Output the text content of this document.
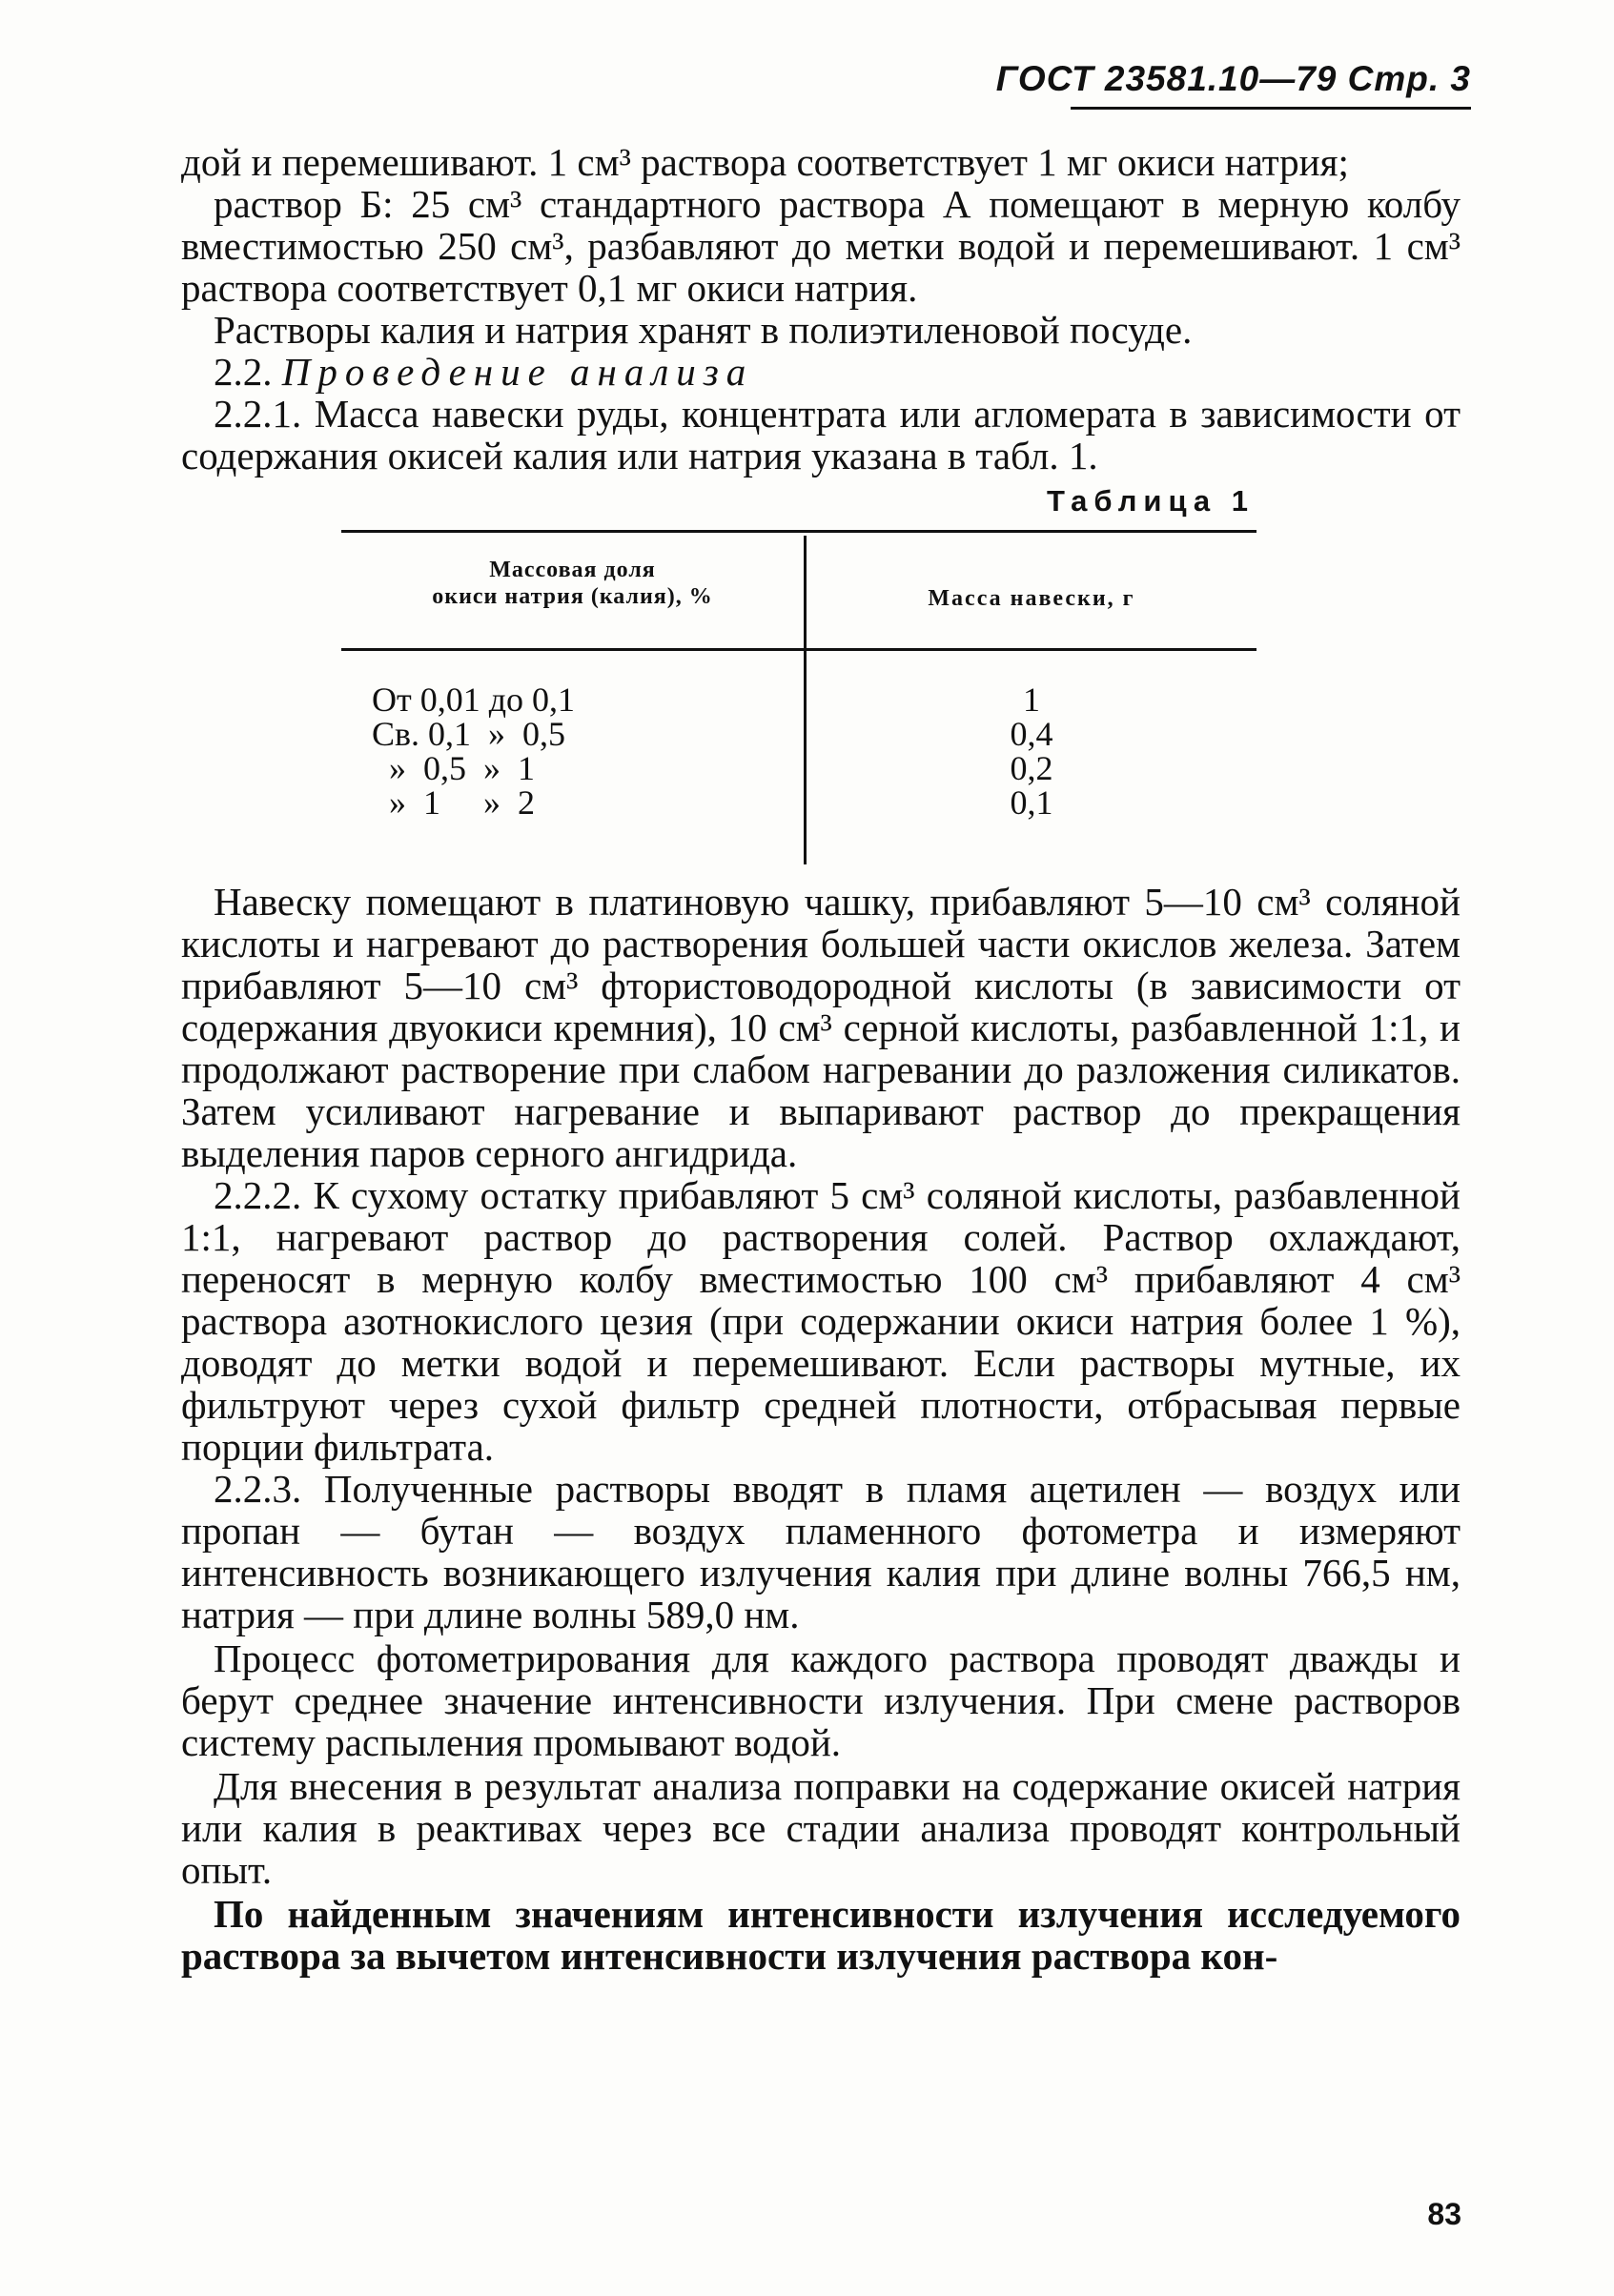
ГОСТ 23581.10—79 Стр. 3

дой и перемешивают. 1 см³ раствора соответствует 1 мг окиси натрия;

раствор Б: 25 см³ стандартного раствора А помещают в мерную колбу вместимостью 250 см³, разбавляют до метки водой и перемешивают. 1 см³ раствора соответствует 0,1 мг окиси натрия.

Растворы калия и натрия хранят в полиэтиленовой посуде.

2.2. Проведение анализа

2.2.1. Масса навески руды, концентрата или агломерата в зависимости от содержания окисей калия или натрия указана в табл. 1.

Таблица 1
Массовая доля
окиси натрия (калия), %	Масса навески, г
От 0,01 до 0,1
Св. 0,1  »  0,5
»  0,5  »  1
»  1     »  2
1
0,4
0,2
0,1

Навеску помещают в платиновую чашку, прибавляют 5—10 см³ соляной кислоты и нагревают до растворения большей части окислов железа. Затем прибавляют 5—10 см³ фтористоводородной кислоты (в зависимости от содержания двуокиси кремния), 10 см³ серной кислоты, разбавленной 1:1, и продолжают растворение при слабом нагревании до разложения силикатов. Затем усиливают нагревание и выпаривают раствор до прекращения выделения паров серного ангидрида.

2.2.2. К сухому остатку прибавляют 5 см³ соляной кислоты, разбавленной 1:1, нагревают раствор до растворения солей. Раствор охлаждают, переносят в мерную колбу вместимостью 100 см³ прибавляют 4 см³ раствора азотнокислого цезия (при содержании окиси натрия более 1 %), доводят до метки водой и перемешивают. Если растворы мутные, их фильтруют через сухой фильтр средней плотности, отбрасывая первые порции фильтрата.

2.2.3. Полученные растворы вводят в пламя ацетилен — воздух или пропан — бутан — воздух пламенного фотометра и измеряют интенсивность возникающего излучения калия при длине волны 766,5 нм, натрия — при длине волны 589,0 нм.

Процесс фотометрирования для каждого раствора проводят дважды и берут среднее значение интенсивности излучения. При смене растворов систему распыления промывают водой.

Для внесения в результат анализа поправки на содержание окисей натрия или калия в реактивах через все стадии анализа проводят контрольный опыт.

По найденным значениям интенсивности излучения исследуемого раствора за вычетом интенсивности излучения раствора кон-

83
